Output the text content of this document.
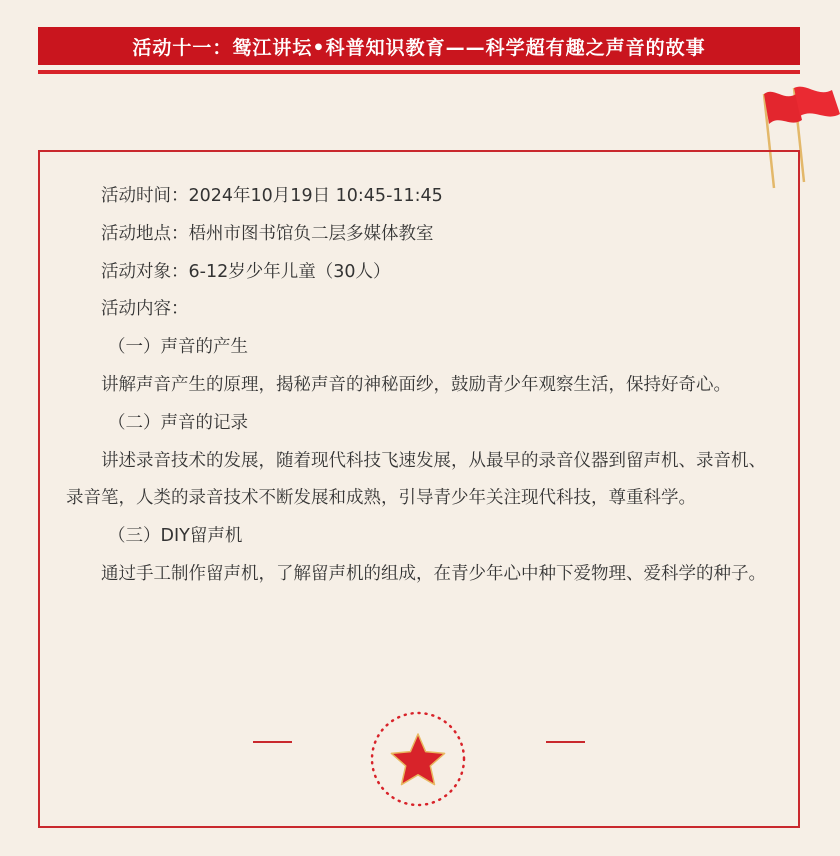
活动十一：鸳江讲坛•科普知识教育——科学超有趣之声音的故事

活动时间：2024年10月19日 10:45-11:45

活动地点：梧州市图书馆负二层多媒体教室

活动对象：6-12岁少年儿童（30人）

活动内容：

（一）声音的产生

讲解声音产生的原理，揭秘声音的神秘面纱，鼓励青少年观察生活，保持好奇心。

（二）声音的记录

讲述录音技术的发展，随着现代科技飞速发展，从最早的录音仪器到留声机、录音机、录音笔，人类的录音技术不断发展和成熟，引导青少年关注现代科技，尊重科学。

（三）DIY留声机

通过手工制作留声机，了解留声机的组成，在青少年心中种下爱物理、爱科学的种子。
